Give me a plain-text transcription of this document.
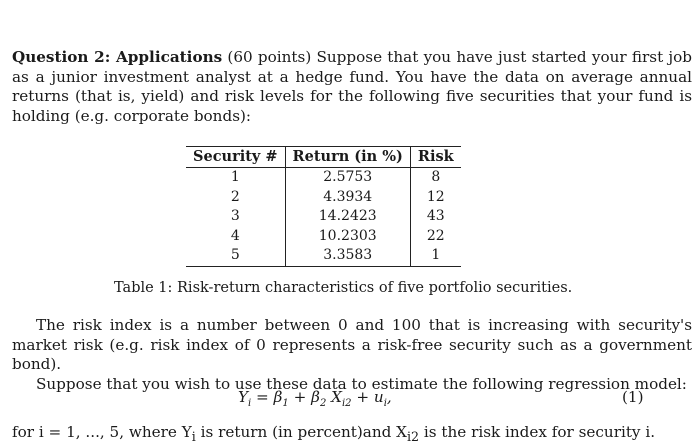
Question 2: Applications (60 points) Suppose that you have just started your first job as a junior investment analyst at a hedge fund. You have the data on average annual returns (that is, yield) and risk levels for the following five securities that your fund is holding (e.g. corporate bonds):
Security #	Return (in %)	Risk
1	2.5753	8
2	4.3934	12
3	14.2423	43
4	10.2303	22
5	3.3583	1
Table 1: Risk-return characteristics of five portfolio securities.
The risk index is a number between 0 and 100 that is increasing with security's market risk (e.g. risk index of 0 represents a risk-free security such as a government bond).
Suppose that you wish to use these data to estimate the following regression model:
$Y_i = \beta_1 + \beta_2$ $X_{i2} + u_i$,	(1)
for i = 1, ..., 5, where $Y_i$ is return (in percent)and $X_{i2}$ is the risk index for security i.
